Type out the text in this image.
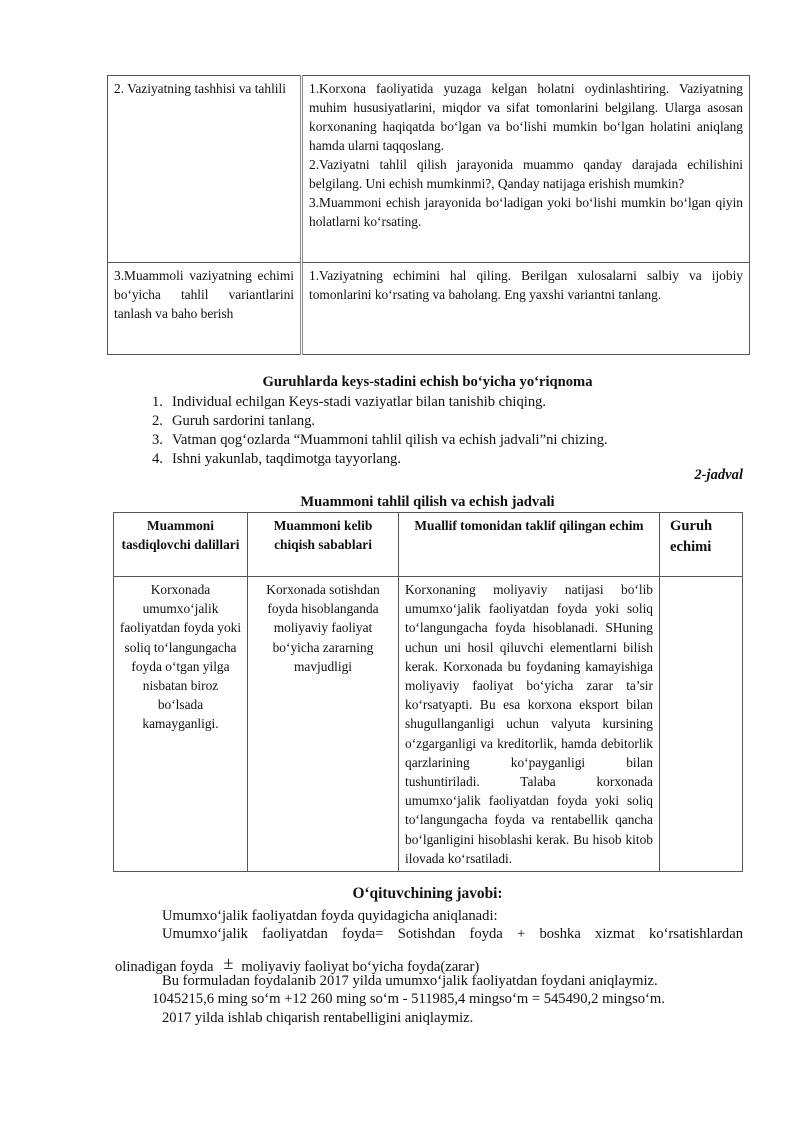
2. Vaziyatning tashhisi va tahlili	1.Korxona faoliyatida yuzaga kelgan holatni oydinlashtiring. Vaziyatning muhim hususiyatlarini, miqdor va sifat tomonlarini belgilang. Ularga asosan korxonaning haqiqatda bo‘lgan va bo‘lishi mumkin bo‘lgan holatini aniqlang hamda ularni taqqoslang.
2.Vaziyatni tahlil qilish jarayonida muammo qanday darajada echilishini belgilang. Uni echish mumkinmi?, Qanday natijaga erishish mumkin?
3.Muammoni echish jarayonida bo‘ladigan yoki bo‘lishi mumkin bo‘lgan qiyin holatlarni ko‘rsating.

3.Muammoli vaziyatning echimi bo‘yicha tahlil variantlarini tanlash va baho berish	1.Vaziyatning echimini hal qiling. Berilgan xulosalarni salbiy va ijobiy tomonlarini ko‘rsating va baholang. Eng yaxshi variantni tanlang.
Guruhlarda keys-stadini echish bo‘yicha yo‘riqnoma
1. Individual echilgan Keys-stadi vaziyatlar bilan tanishib chiqing.
2. Guruh sardorini tanlang.
3. Vatman qog‘ozlarda “Muammoni tahlil qilish va echish jadvali”ni chizing.
4. Ishni yakunlab, taqdimotga tayyorlang.
2-jadval
Muammoni tahlil qilish va echish jadvali
Muammoni tasdiqlovchi dalillari	Muammoni kelib chiqish sabablari	Muallif tomonidan taklif qilingan echim	Guruh echimi
Korxonada umumxo‘jalik faoliyatdan foyda yoki soliq to‘langungacha foyda o‘tgan yilga nisbatan biroz bo‘lsada kamayganligi.	Korxonada sotishdan foyda hisoblanganda moliyaviy faoliyat bo‘yicha zararning mavjudligi	Korxonaning moliyaviy natijasi bo‘lib umumxo‘jalik faoliyatdan foyda yoki soliq to‘langungacha foyda hisoblanadi. SHuning uchun uni hosil qiluvchi elementlarni bilish kerak. Korxonada bu foydaning kamayishiga moliyaviy faoliyat bo‘yicha zarar ta’sir ko‘rsatyapti. Bu esa korxona eksport bilan shugullanganligi uchun valyuta kursining o‘zgarganligi va kreditorlik, hamda debitorlik qarzlarining ko‘payganligi bilan tushuntiriladi. Talaba korxonada umumxo‘jalik faoliyatdan foyda yoki soliq to‘langungacha foyda va rentabellik qancha bo‘lganligini hisoblashi kerak. Bu hisob kitob ilovada ko‘rsatiladi.	
O‘qituvchining javobi:
Umumxo‘jalik faoliyatdan foyda quyidagicha aniqlanadi:
Umumxo‘jalik faoliyatdan foyda= Sotishdan foyda + boshka xizmat ko‘rsatishlardan
olinadigan foyda ± moliyaviy faoliyat bo‘yicha foyda(zarar)
Bu formuladan foydalanib 2017 yilda umumxo‘jalik faoliyatdan foydani aniqlaymiz.
1045215,6 ming so‘m +12 260 ming so‘m - 511985,4 mingso‘m = 545490,2 mingso‘m.
2017 yilda ishlab chiqarish rentabelligini aniqlaymiz.
